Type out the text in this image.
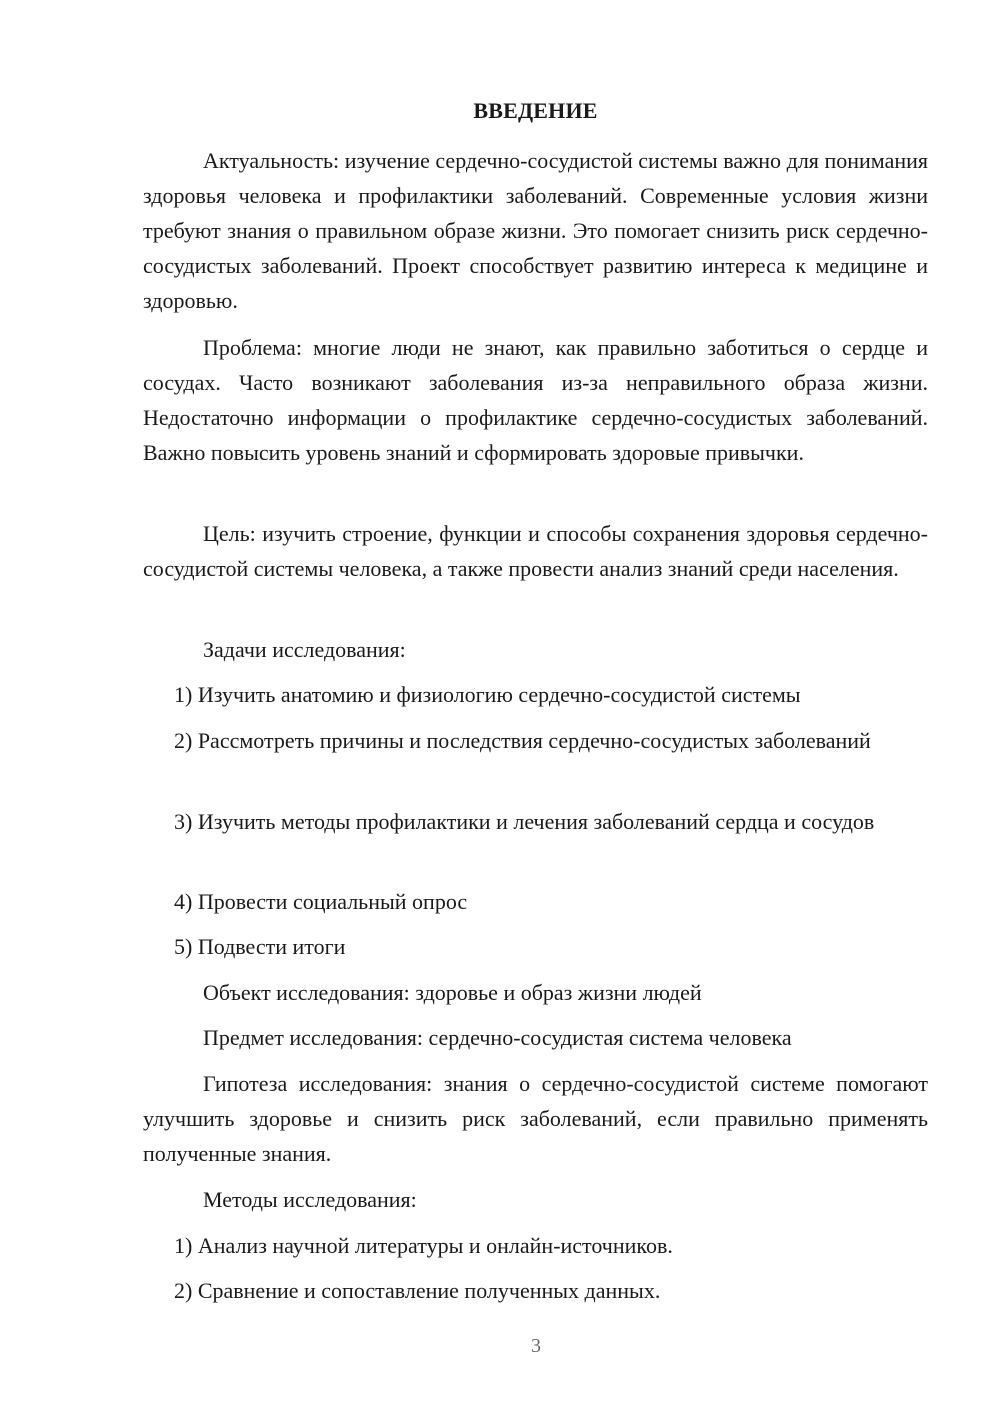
ВВЕДЕНИЕ
Актуальность: изучение сердечно-сосудистой системы важно для понимания здоровья человека и профилактики заболеваний. Современные условия жизни требуют знания о правильном образе жизни. Это помогает снизить риск сердечно-сосудистых заболеваний. Проект способствует развитию интереса к медицине и здоровью.
Проблема: многие люди не знают, как правильно заботиться о сердце и сосудах. Часто возникают заболевания из-за неправильного образа жизни. Недостаточно информации о профилактике сердечно-сосудистых заболеваний. Важно повысить уровень знаний и сформировать здоровые привычки.
Цель: изучить строение, функции и способы сохранения здоровья сердечно-сосудистой системы человека, а также провести анализ знаний среди населения.
Задачи исследования:
1) Изучить анатомию и физиологию сердечно-сосудистой системы
2) Рассмотреть причины и последствия сердечно-сосудистых заболеваний
3) Изучить методы профилактики и лечения заболеваний сердца и сосудов
4) Провести социальный опрос
5) Подвести итоги
Объект исследования: здоровье и образ жизни людей
Предмет исследования: сердечно-сосудистая система человека
Гипотеза исследования: знания о сердечно-сосудистой системе помогают улучшить здоровье и снизить риск заболеваний, если правильно применять полученные знания.
Методы исследования:
1) Анализ научной литературы и онлайн-источников.
2) Сравнение и сопоставление полученных данных.
3
